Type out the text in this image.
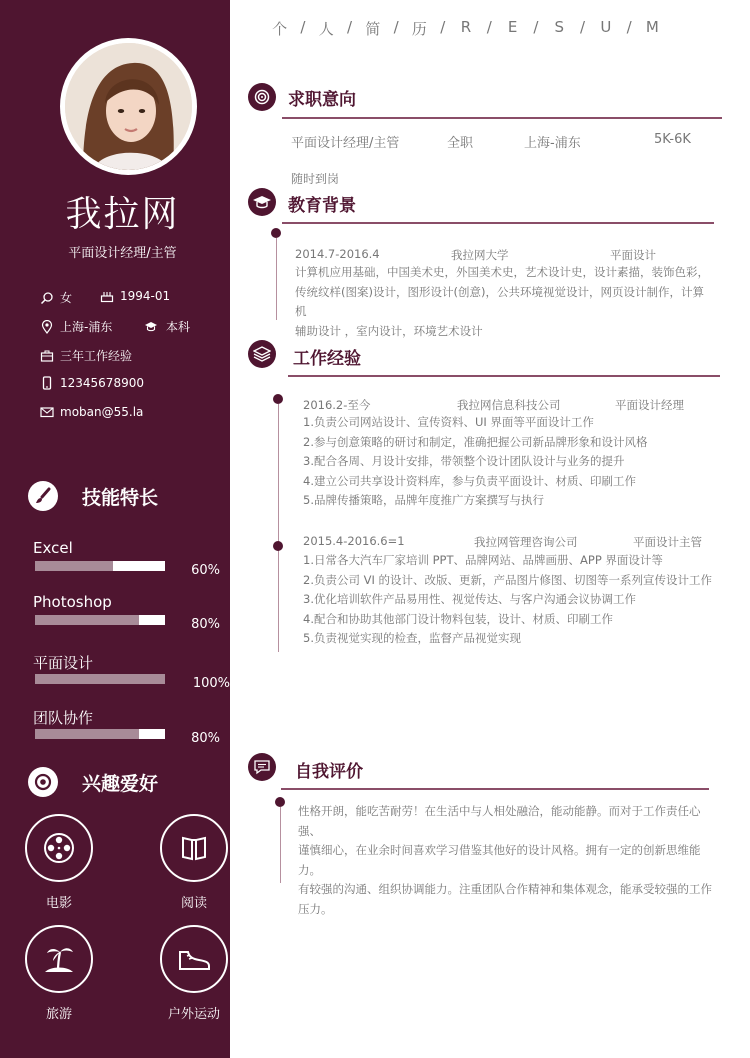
我拉网
平面设计经理/主管
女	1994-01
上海-浦东	本科
三年工作经验
12345678900
moban@55.la
技能特长
Excel
60%
Photoshop
80%
平面设计
100%
团队协作
80%
兴趣爱好
电影	阅读
旅游	户外运动
个 / 人 / 简 / 历 /	R	/	E	/	S	/	U	/ M
求职意向
平面设计经理/主管	全职	上海-浦东	5K-6K
随时到岗
教育背景
2014.7-2016.4	我拉网大学	平面设计
计算机应用基础，中国美术史，外国美术史，艺术设计史，设计素描，装饰色彩，
传统纹样(图案)设计，图形设计(创意)，公共环境视觉设计，网页设计制作，计算机
辅助设计 ，室内设计，环境艺术设计
工作经验
2016.2-至今	我拉网信息科技公司	平面设计经理
1.负责公司网站设计、宣传资料、UI 界面等平面设计工作
2.参与创意策略的研讨和制定，准确把握公司新品牌形象和设计风格
3.配合各周、月设计安排，带领整个设计团队设计与业务的提升
4.建立公司共享设计资料库，参与负责平面设计、材质、印刷工作
5.品牌传播策略，品牌年度推广方案撰写与执行
2015.4-2016.6=1	我拉网管理咨询公司	平面设计主管
1.日常各大汽车厂家培训 PPT、品牌网站、品牌画册、APP 界面设计等
2.负责公司 VI 的设计、改版、更新，产品图片修图、切图等一系列宣传设计工作
3.优化培训软件产品易用性、视觉传达、与客户沟通会议协调工作
4.配合和协助其他部门设计物料包装，设计、材质、印刷工作
5.负责视觉实现的检查，监督产品视觉实现
自我评价
性格开朗，能吃苦耐劳！在生活中与人相处融洽，能动能静。而对于工作责任心强、
谨慎细心，在业余时间喜欢学习借鉴其他好的设计风格。拥有一定的创新思维能力。
有较强的沟通、组织协调能力。注重团队合作精神和集体观念，能承受较强的工作
压力。
